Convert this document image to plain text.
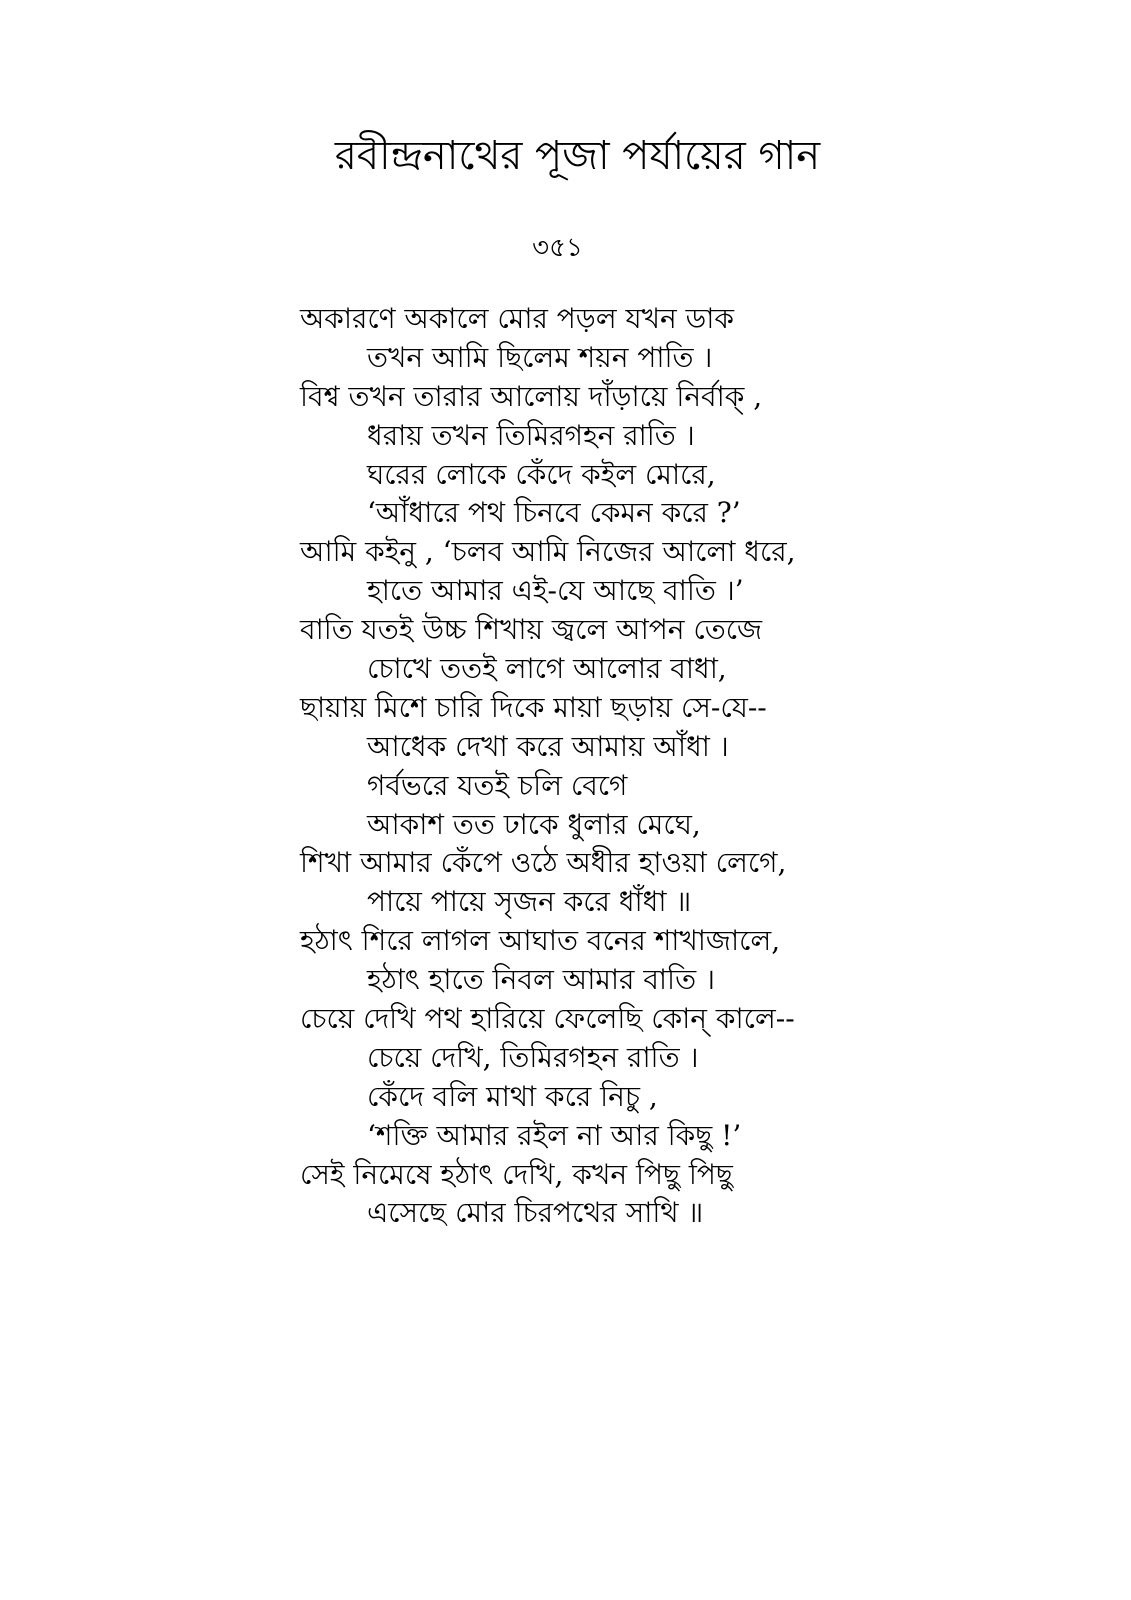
রবীন্দ্রনাথের পূজা পর্যায়ের গান
৩৫১
অকারণে অকালে মোর পড়ল যখন ডাক
তখন আমি ছিলেম শয়ন পাতি ।
বিশ্ব তখন তারার আলোয় দাঁড়ায়ে নির্বাক্ ,
ধরায় তখন তিমিরগহন রাতি ।
ঘরের লোকে কেঁদে কইল মোরে,
‘আঁধারে পথ চিনবে কেমন করে ?’
আমি কইনু , ‘চলব আমি নিজের আলো ধরে,
হাতে আমার এই-যে আছে বাতি ।’
বাতি যতই উচ্চ শিখায় জ্বলে আপন তেজে
চোখে ততই লাগে আলোর বাধা,
ছায়ায় মিশে চারি দিকে মায়া ছড়ায় সে-যে--
আধেক দেখা করে আমায় আঁধা ।
গর্বভরে যতই চলি বেগে
আকাশ তত ঢাকে ধুলার মেঘে,
শিখা আমার কেঁপে ওঠে অধীর হাওয়া লেগে,
পায়ে পায়ে সৃজন করে ধাঁধা ॥
হঠাৎ শিরে লাগল আঘাত বনের শাখাজালে,
হঠাৎ হাতে নিবল আমার বাতি ।
চেয়ে দেখি পথ হারিয়ে ফেলেছি কোন্ কালে--
চেয়ে দেখি, তিমিরগহন রাতি ।
কেঁদে বলি মাথা করে নিচু ,
‘শক্তি আমার রইল না আর কিছু !’
সেই নিমেষে হঠাৎ দেখি, কখন পিছু পিছু
এসেছে মোর চিরপথের সাথি ॥
